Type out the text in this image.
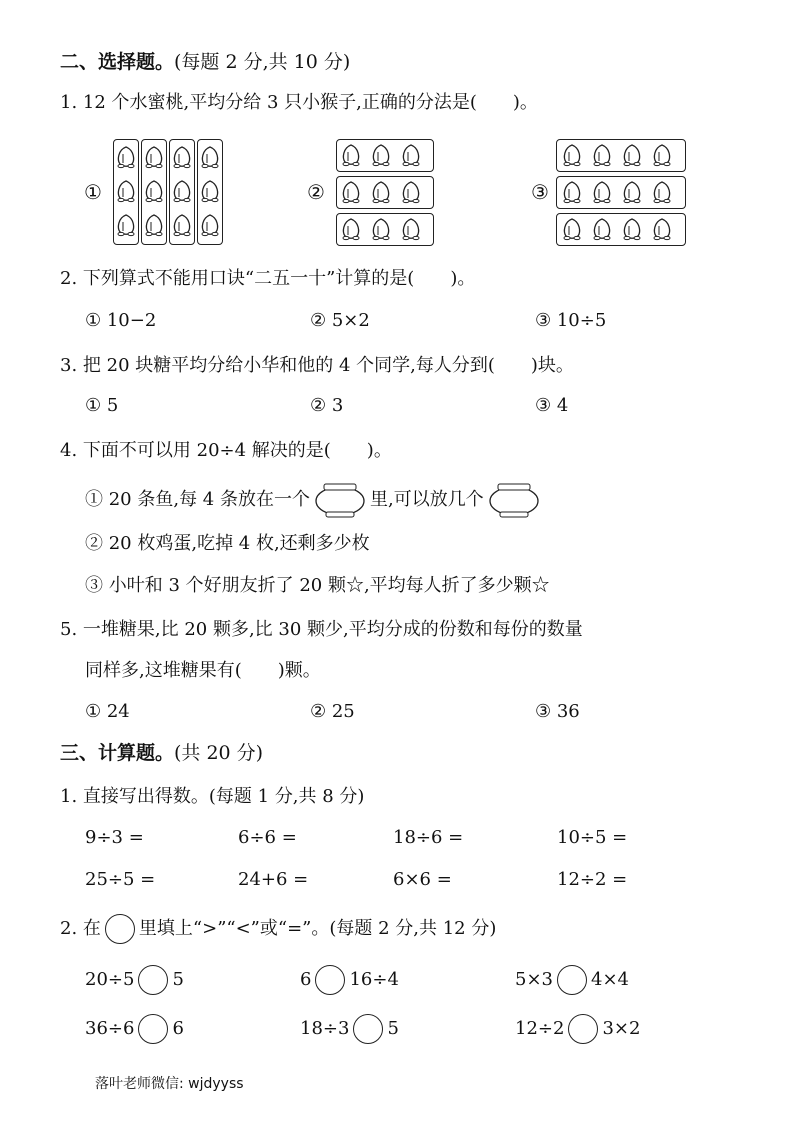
二、选择题。(每题 2 分,共 10 分)
1. 12 个水蜜桃,平均分给 3 只小猴子,正确的分法是(　　)。
①	②	③
2. 下列算式不能用口诀“二五一十”计算的是(　　)。
① 10−2	② 5×2	③ 10÷5
3. 把 20 块糖平均分给小华和他的 4 个同学,每人分到(　　)块。
① 5	② 3	③ 4
4. 下面不可以用 20÷4 解决的是(　　)。
① 20 条鱼,每 4 条放在一个	里,可以放几个
② 20 枚鸡蛋,吃掉 4 枚,还剩多少枚
③ 小叶和 3 个好朋友折了 20 颗☆,平均每人折了多少颗☆
5. 一堆糖果,比 20 颗多,比 30 颗少,平均分成的份数和每份的数量
同样多,这堆糖果有(　　)颗。
① 24	② 25	③ 36
三、计算题。(共 20 分)
1. 直接写出得数。(每题 1 分,共 8 分)
9÷3 =	6÷6 =	18÷6 =	10÷5 =
25÷5 =	24+6 =	6×6 =	12÷2 =
2. 在 里填上“>”“<”或“=”。(每题 2 分,共 12 分)
20÷5 5	6 16÷4	5×3 4×4
36÷6 6	18÷3 5	12÷2 3×2
落叶老师微信: wjdyyss
